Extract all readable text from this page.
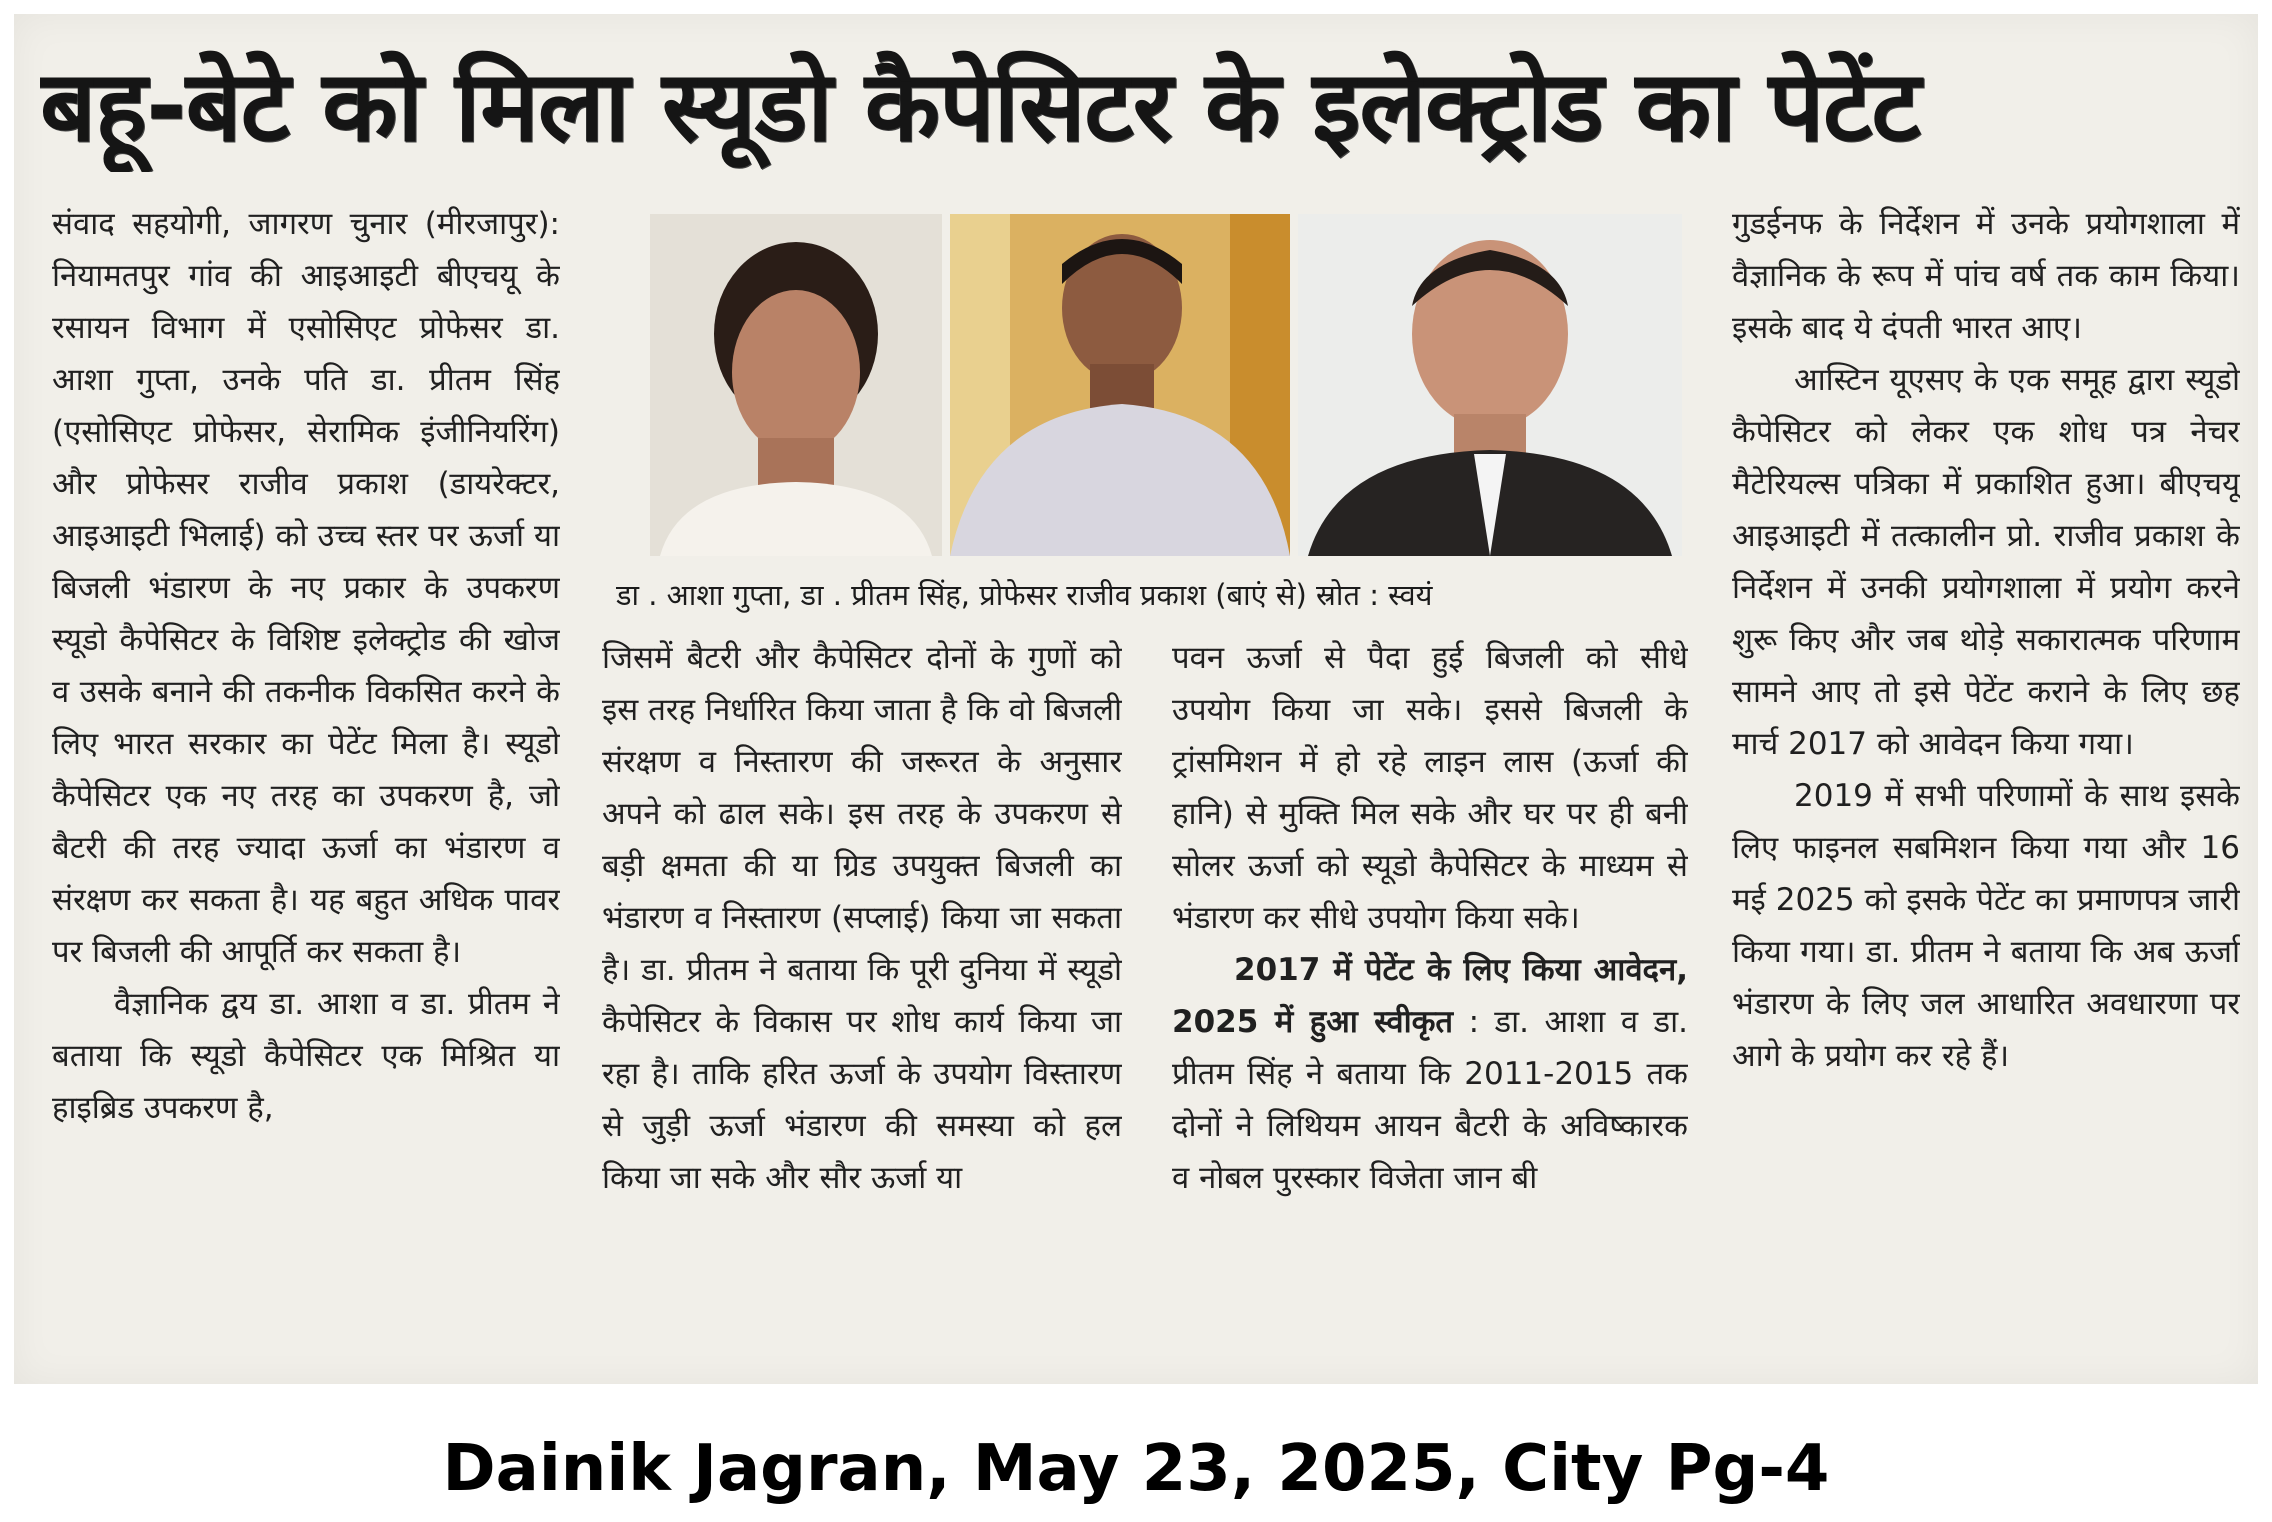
बहू-बेटे को मिला स्यूडो कैपेसिटर के इलेक्ट्रोड का पेटेंट

संवाद सहयोगी, जागरण चुनार (मीरजापुर): नियामतपुर गांव की आइआइटी बीएचयू के रसायन विभाग में एसोसिएट प्रोफेसर डा. आशा गुप्ता, उनके पति डा. प्रीतम सिंह (एसोसिएट प्रोफेसर, सेरामिक इंजीनियरिंग) और प्रोफेसर राजीव प्रकाश (डायरेक्टर, आइआइटी भिलाई) को उच्च स्तर पर ऊर्जा या बिजली भंडारण के नए प्रकार के उपकरण स्यूडो कैपेसिटर के विशिष्ट इलेक्ट्रोड की खोज व उसके बनाने की तकनीक विकसित करने के लिए भारत सरकार का पेटेंट मिला है। स्यूडो कैपेसिटर एक नए तरह का उपकरण है, जो बैटरी की तरह ज्यादा ऊर्जा का भंडारण व संरक्षण कर सकता है। यह बहुत अधिक पावर पर बिजली की आपूर्ति कर सकता है।

वैज्ञानिक द्वय डा. आशा व डा. प्रीतम ने बताया कि स्यूडो कैपेसिटर एक मिश्रित या हाइब्रिड उपकरण है,

डा . आशा गुप्ता, डा . प्रीतम सिंह, प्रोफेसर राजीव प्रकाश (बाएं से) स्रोत : स्वयं

जिसमें बैटरी और कैपेसिटर दोनों के गुणों को इस तरह निर्धारित किया जाता है कि वो बिजली संरक्षण व निस्तारण की जरूरत के अनुसार अपने को ढाल सके। इस तरह के उपकरण से बड़ी क्षमता की या ग्रिड उपयुक्त बिजली का भंडारण व निस्तारण (सप्लाई) किया जा सकता है। डा. प्रीतम ने बताया कि पूरी दुनिया में स्यूडो कैपेसिटर के विकास पर शोध कार्य किया जा रहा है। ताकि हरित ऊर्जा के उपयोग विस्तारण से जुड़ी ऊर्जा भंडारण की समस्या को हल किया जा सके और सौर ऊर्जा या

पवन ऊर्जा से पैदा हुई बिजली को सीधे उपयोग किया जा सके। इससे बिजली के ट्रांसमिशन में हो रहे लाइन लास (ऊर्जा की हानि) से मुक्ति मिल सके और घर पर ही बनी सोलर ऊर्जा को स्यूडो कैपेसिटर के माध्यम से भंडारण कर सीधे उपयोग किया सके।

2017 में पेटेंट के लिए किया आवेदन, 2025 में हुआ स्वीकृत : डा. आशा व डा. प्रीतम सिंह ने बताया कि 2011-2015 तक दोनों ने लिथियम आयन बैटरी के अविष्कारक व नोबल पुरस्कार विजेता जान बी

गुडईनफ के निर्देशन में उनके प्रयोगशाला में वैज्ञानिक के रूप में पांच वर्ष तक काम किया। इसके बाद ये दंपती भारत आए।

आस्टिन यूएसए के एक समूह द्वारा स्यूडो कैपेसिटर को लेकर एक शोध पत्र नेचर मैटेरियल्स पत्रिका में प्रकाशित हुआ। बीएचयू आइआइटी में तत्कालीन प्रो. राजीव प्रकाश के निर्देशन में उनकी प्रयोगशाला में प्रयोग करने शुरू किए और जब थोड़े सकारात्मक परिणाम सामने आए तो इसे पेटेंट कराने के लिए छह मार्च 2017 को आवेदन किया गया।

2019 में सभी परिणामों के साथ इसके लिए फाइनल सबमिशन किया गया और 16 मई 2025 को इसके पेटेंट का प्रमाणपत्र जारी किया गया। डा. प्रीतम ने बताया कि अब ऊर्जा भंडारण के लिए जल आधारित अवधारणा पर आगे के प्रयोग कर रहे हैं।

Dainik Jagran, May 23, 2025, City Pg-4
